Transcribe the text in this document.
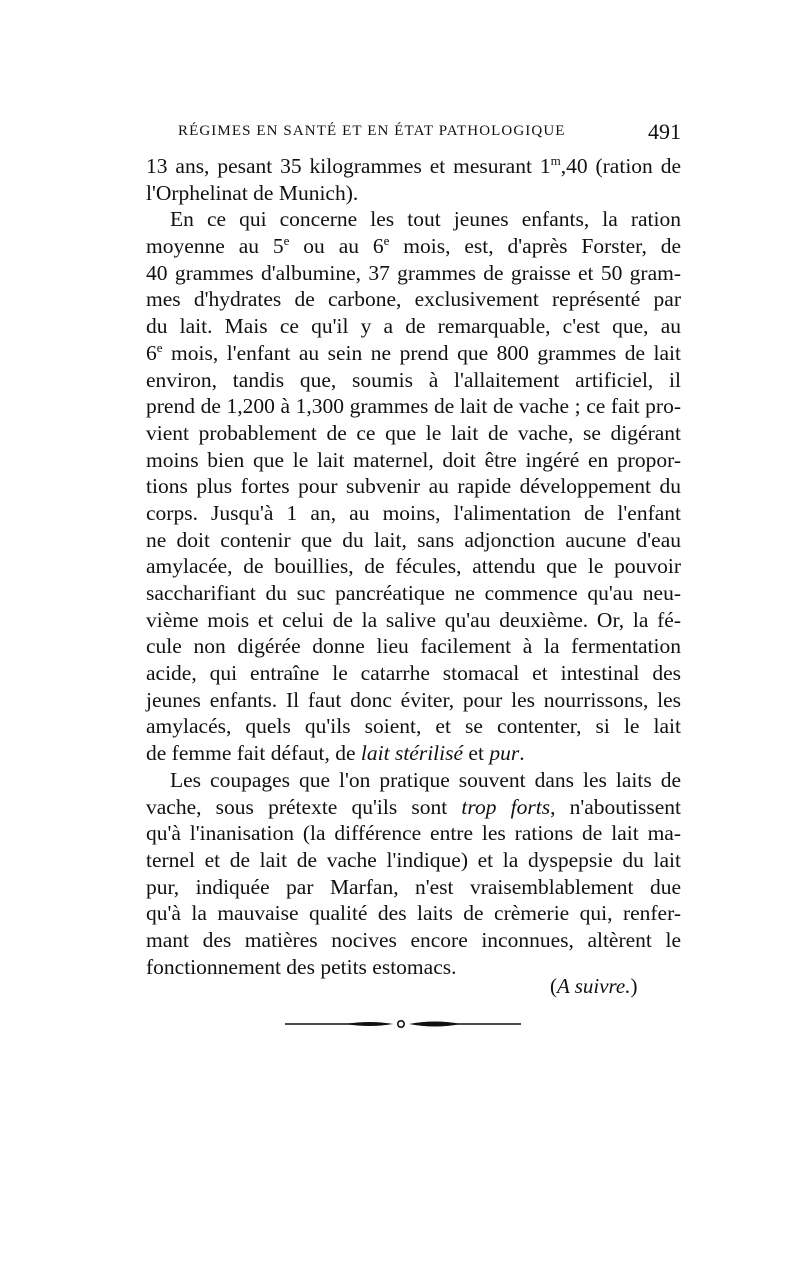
RÉGIMES EN SANTÉ ET EN ÉTAT PATHOLOGIQUE	491
13 ans, pesant 35 kilogrammes et mesurant 1m,40 (ration de
l'Orphelinat de Munich).
En ce qui concerne les tout jeunes enfants, la ration
moyenne au 5e ou au 6e mois, est, d'après Forster, de
40 grammes d'albumine, 37 grammes de graisse et 50 gram-
mes d'hydrates de carbone, exclusivement représenté par
du lait. Mais ce qu'il y a de remarquable, c'est que, au
6e mois, l'enfant au sein ne prend que 800 grammes de lait
environ, tandis que, soumis à l'allaitement artificiel, il
prend de 1,200 à 1,300 grammes de lait de vache ; ce fait pro-
vient probablement de ce que le lait de vache, se digérant
moins bien que le lait maternel, doit être ingéré en propor-
tions plus fortes pour subvenir au rapide développement du
corps. Jusqu'à 1 an, au moins, l'alimentation de l'enfant
ne doit contenir que du lait, sans adjonction aucune d'eau
amylacée, de bouillies, de fécules, attendu que le pouvoir
saccharifiant du suc pancréatique ne commence qu'au neu-
vième mois et celui de la salive qu'au deuxième. Or, la fé-
cule non digérée donne lieu facilement à la fermentation
acide, qui entraîne le catarrhe stomacal et intestinal des
jeunes enfants. Il faut donc éviter, pour les nourrissons, les
amylacés, quels qu'ils soient, et se contenter, si le lait
de femme fait défaut, de lait stérilisé et pur.
Les coupages que l'on pratique souvent dans les laits de
vache, sous prétexte qu'ils sont trop forts, n'aboutissent
qu'à l'inanisation (la différence entre les rations de lait ma-
ternel et de lait de vache l'indique) et la dyspepsie du lait
pur, indiquée par Marfan, n'est vraisemblablement due
qu'à la mauvaise qualité des laits de crèmerie qui, renfer-
mant des matières nocives encore inconnues, altèrent le
fonctionnement des petits estomacs.
(A suivre.)
